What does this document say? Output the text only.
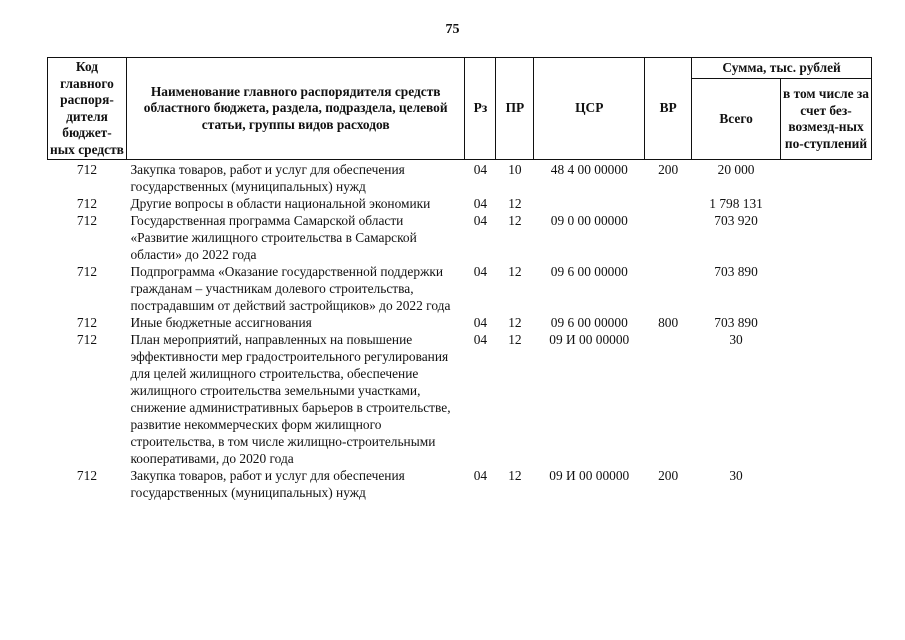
75
Код главного распоря-дителя бюджет-ных средств	Наименование главного распорядителя средств областного бюджета, раздела, подраздела, целевой статьи, группы видов расходов	Рз	ПР	ЦСР	ВР	Сумма, тыс. рублей	
						Всего	в том числе за счет без-возмезд-ных по-ступлений
712	Закупка товаров, работ и услуг для обеспечения государственных (муниципальных) нужд	04	10	48 4 00 00000	200	20 000	
712	Другие вопросы в области национальной экономики	04	12			1 798 131	
712	Государственная программа Самарской области «Развитие жилищного строительства в Самарской области» до 2022 года	04	12	09 0 00 00000		703 920	
712	Подпрограмма «Оказание государственной поддержки гражданам – участникам долевого строительства, пострадавшим от действий застройщиков» до 2022 года	04	12	09 6 00 00000		703 890	
712	Иные бюджетные ассигнования	04	12	09 6 00 00000	800	703 890	
712	План мероприятий, направленных на повышение эффективности мер градостроительного регулирования для целей жилищного строительства, обеспечение жилищного строительства земельными участками, снижение административных барьеров в строительстве, развитие некоммерческих форм жилищного строительства, в том числе жилищно-строительными кооперативами, до 2020 года	04	12	09 И 00 00000		30	
712	Закупка товаров, работ и услуг для обеспечения государственных (муниципальных) нужд	04	12	09 И 00 00000	200	30	
